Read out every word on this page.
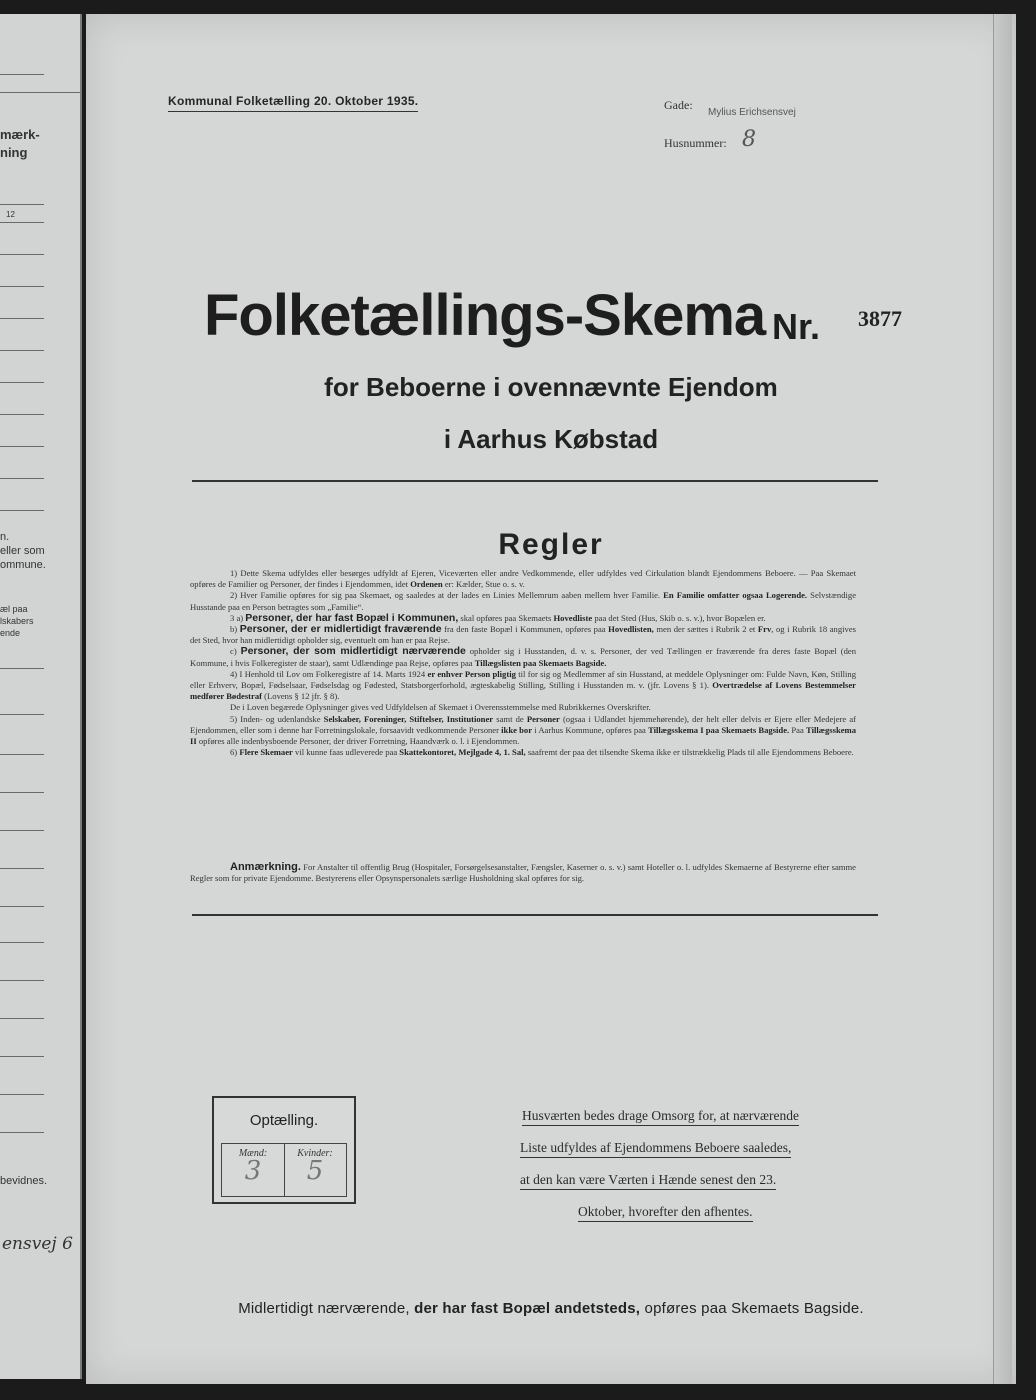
mærk-
ning
12
n.
eller som
ommune.
æl paa
lskabers
ende
bevidnes.
ensvej 6
Kommunal Folketælling 20. Oktober 1935.	Gade:
Mylius Erichsensvej
Husnummer: 8
Folketællings-Skema Nr. 3877
for Beboerne i ovennævnte Ejendom
i Aarhus Købstad
Regler

1) Dette Skema udfyldes eller besørges udfyldt af Ejeren, Viceværten eller andre Vedkommende, eller udfyldes ved Cirkulation blandt Ejendommens Beboere. — Paa Skemaet opføres de Familier og Personer, der findes i Ejendommen, idet Ordenen er: Kælder, Stue o. s. v.

2) Hver Familie opføres for sig paa Skemaet, og saaledes at der lades en Linies Mellemrum aaben mellem hver Familie. En Familie omfatter ogsaa Logerende. Selvstændige Husstande paa en Person betragtes som „Familie“.

3 a) Personer, der har fast Bopæl i Kommunen, skal opføres paa Skemaets Hovedliste paa det Sted (Hus, Skib o. s. v.), hvor Bopælen er.

b) Personer, der er midlertidigt fraværende fra den faste Bopæl i Kommunen, opføres paa Hovedlisten, men der sættes i Rubrik 2 et Frv, og i Rubrik 18 angives det Sted, hvor han midlertidigt opholder sig, eventuelt om han er paa Rejse.

c) Personer, der som midlertidigt nærværende opholder sig i Husstanden, d. v. s. Personer, der ved Tællingen er fraværende fra deres faste Bopæl (den Kommune, i hvis Folkeregister de staar), samt Udlændinge paa Rejse, opføres paa Tillægslisten paa Skemaets Bagside.

4) I Henhold til Lov om Folkeregistre af 14. Marts 1924 er enhver Person pligtig til for sig og Medlemmer af sin Husstand, at meddele Oplysninger om: Fulde Navn, Køn, Stilling eller Erhverv, Bopæl, Fødselsaar, Fødselsdag og Fødested, Statsborgerforhold, ægteskabelig Stilling, Stilling i Husstanden m. v. (jfr. Lovens § 1). Overtrædelse af Lovens Bestemmelser medfører Bødestraf (Lovens § 12 jfr. § 8).

De i Loven begærede Oplysninger gives ved Udfyldelsen af Skemaet i Overensstemmelse med Rubrikkernes Overskrifter.

5) Inden- og udenlandske Selskaber, Foreninger, Stiftelser, Institutioner samt de Personer (ogsaa i Udlandet hjemmehørende), der helt eller delvis er Ejere eller Medejere af Ejendommen, eller som i denne har Forretningslokale, forsaavidt vedkommende Personer ikke bor i Aarhus Kommune, opføres paa Tillægsskema I paa Skemaets Bagside. Paa Tillægsskema II opføres alle indenbysboende Personer, der driver Forretning, Haandværk o. l. i Ejendommen.

6) Flere Skemaer vil kunne faas udleverede paa Skattekontoret, Mejlgade 4, 1. Sal, saafremt der paa det tilsendte Skema ikke er tilstrækkelig Plads til alle Ejendommens Beboere.

Anmærkning. For Anstalter til offentlig Brug (Hospitaler, Forsørgelsesanstalter, Fængsler, Kaserner o. s. v.) samt Hoteller o. l. udfyldes Skemaerne af Bestyrerne efter samme Regler som for private Ejendomme. Bestyrerens eller Opsynspersonalets særlige Husholdning skal opføres for sig.
Optælling.
Mænd:	Kvinder:
3	5
Husværten bedes drage Omsorg for, at nærværende
Liste udfyldes af Ejendommens Beboere saaledes,
at den kan være Værten i Hænde senest den 23.
Oktober, hvorefter den afhentes.
Midlertidigt nærværende, der har fast Bopæl andetsteds, opføres paa Skemaets Bagside.
